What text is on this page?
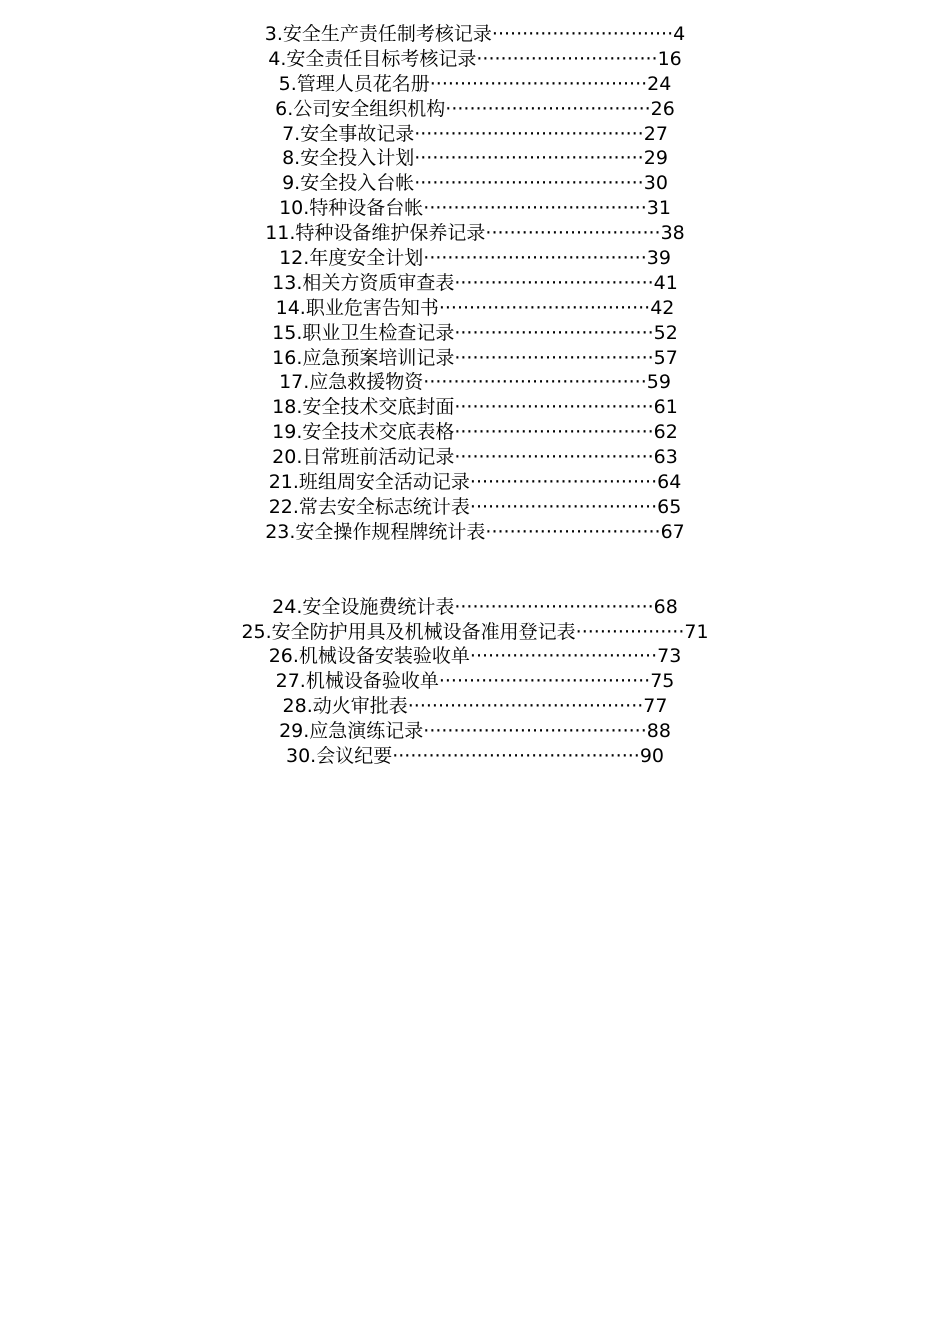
3.安全生产责任制考核记录······························4
4.安全责任目标考核记录······························16
5.管理人员花名册····································24
6.公司安全组织机构··································26
7.安全事故记录······································27
8.安全投入计划······································29
9.安全投入台帐······································30
10.特种设备台帐·····································31
11.特种设备维护保养记录·····························38
12.年度安全计划·····································39
13.相关方资质审查表·································41
14.职业危害告知书···································42
15.职业卫生检查记录·································52
16.应急预案培训记录·································57
17.应急救援物资·····································59
18.安全技术交底封面·································61
19.安全技术交底表格·································62
20.日常班前活动记录·································63
21.班组周安全活动记录·······························64
22.常去安全标志统计表·······························65
23.安全操作规程牌统计表·····························67
24.安全设施费统计表·································68
25.安全防护用具及机械设备准用登记表··················71
26.机械设备安装验收单·······························73
27.机械设备验收单···································75
28.动火审批表·······································77
29.应急演练记录·····································88
30.会议纪要·········································90
